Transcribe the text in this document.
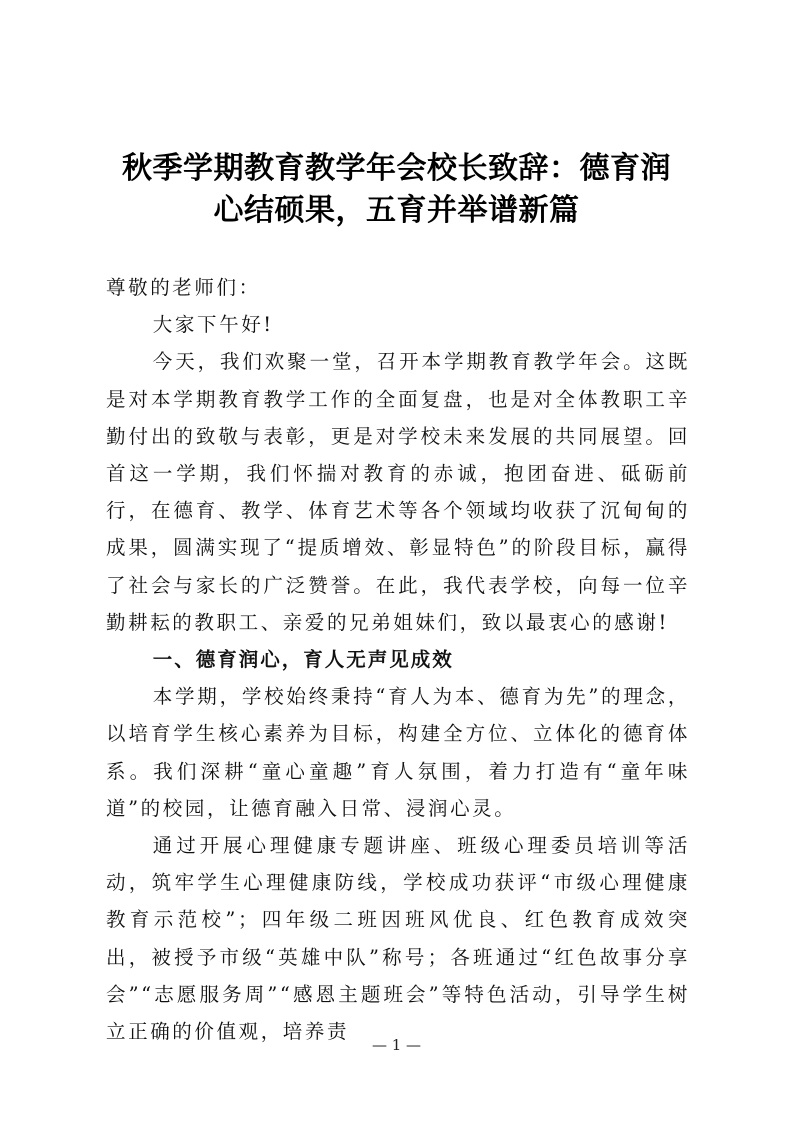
秋季学期教育教学年会校长致辞：德育润
心结硕果，五育并举谱新篇

尊敬的老师们：

大家下午好!

今天，我们欢聚一堂，召开本学期教育教学年会。这既是对本学期教育教学工作的全面复盘，也是对全体教职工辛勤付出的致敬与表彰，更是对学校未来发展的共同展望。回首这一学期，我们怀揣对教育的赤诚，抱团奋进、砥砺前行，在德育、教学、体育艺术等各个领域均收获了沉甸甸的成果，圆满实现了“提质增效、彰显特色”的阶段目标，赢得了社会与家长的广泛赞誉。在此，我代表学校，向每一位辛勤耕耘的教职工、亲爱的兄弟姐妹们，致以最衷心的感谢!

一、德育润心，育人无声见成效

本学期，学校始终秉持“育人为本、德育为先”的理念，以培育学生核心素养为目标，构建全方位、立体化的德育体系。我们深耕“童心童趣”育人氛围，着力打造有“童年味道”的校园，让德育融入日常、浸润心灵。

通过开展心理健康专题讲座、班级心理委员培训等活动，筑牢学生心理健康防线，学校成功获评“市级心理健康教育示范校”；四年级二班因班风优良、红色教育成效突出，被授予市级“英雄中队”称号；各班通过“红色故事分享会”“志愿服务周”“感恩主题班会”等特色活动，引导学生树立正确的价值观，培养责

— 1 —
